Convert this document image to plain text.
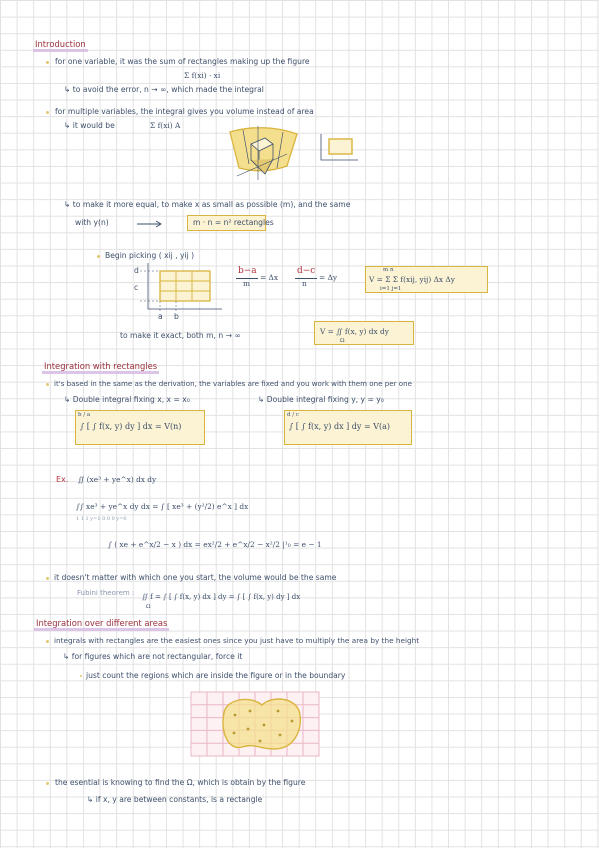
Introduction
for one variable, it was the sum of rectangles making up the figure
Σ f(xi) · xi
↳ to avoid the error, n → ∞, which made the integral
for multiple variables, the integral gives you volume instead of area
↳ it would be	Σ f(xi) A
↳ to make it more equal, to make x as small as possible (m), and the same
with y(n)	m · n = n² rectangles
Begin picking ( xij , yij )
d
c
a b
b−a
m
= Δx
d−c
n
= Δy
m n
V = Σ Σ f(xij, yij) Δx Δy
i=1 j=1
to make it exact, both m, n → ∞	V = ∬ f(x, y) dx dy
Ω
Integration with rectangles
it's based in the same as the derivation, the variables are fixed and you work with them one per one
↳ Double integral fixing x, x = x₀	↳ Double integral fixing y, y = y₀
∫ [ ∫ f(x, y) dy ] dx = V(n)
b / a
∫ [ ∫ f(x, y) dx ] dy = V(a)
d / c
Ex. ∬ (xe³ + ye^x) dx dy
∫∫ xe³ + ye^x dy dx = ∫ [ xe³ + (y²/2) e^x ] dx
1 1 1 y=1 0 0 0 y=0
∫ ( xe + e^x/2 − x ) dx = ex²/2 + e^x/2 − x²/2 |¹₀ = e − 1
it doesn't matter with which one you start, the volume would be the same
Fubini theorem : ∬ f = ∫ [ ∫ f(x, y) dx ] dy = ∫ [ ∫ f(x, y) dy ] dx
Ω
Integration over different areas
integrals with rectangles are the easiest ones since you just have to multiply the area by the height
↳ for figures which are not rectangular, force it
just count the regions which are inside the figure or in the boundary
the esential is knowing to find the Ω, which is obtain by the figure
↳ if x, y are between constants, is a rectangle
